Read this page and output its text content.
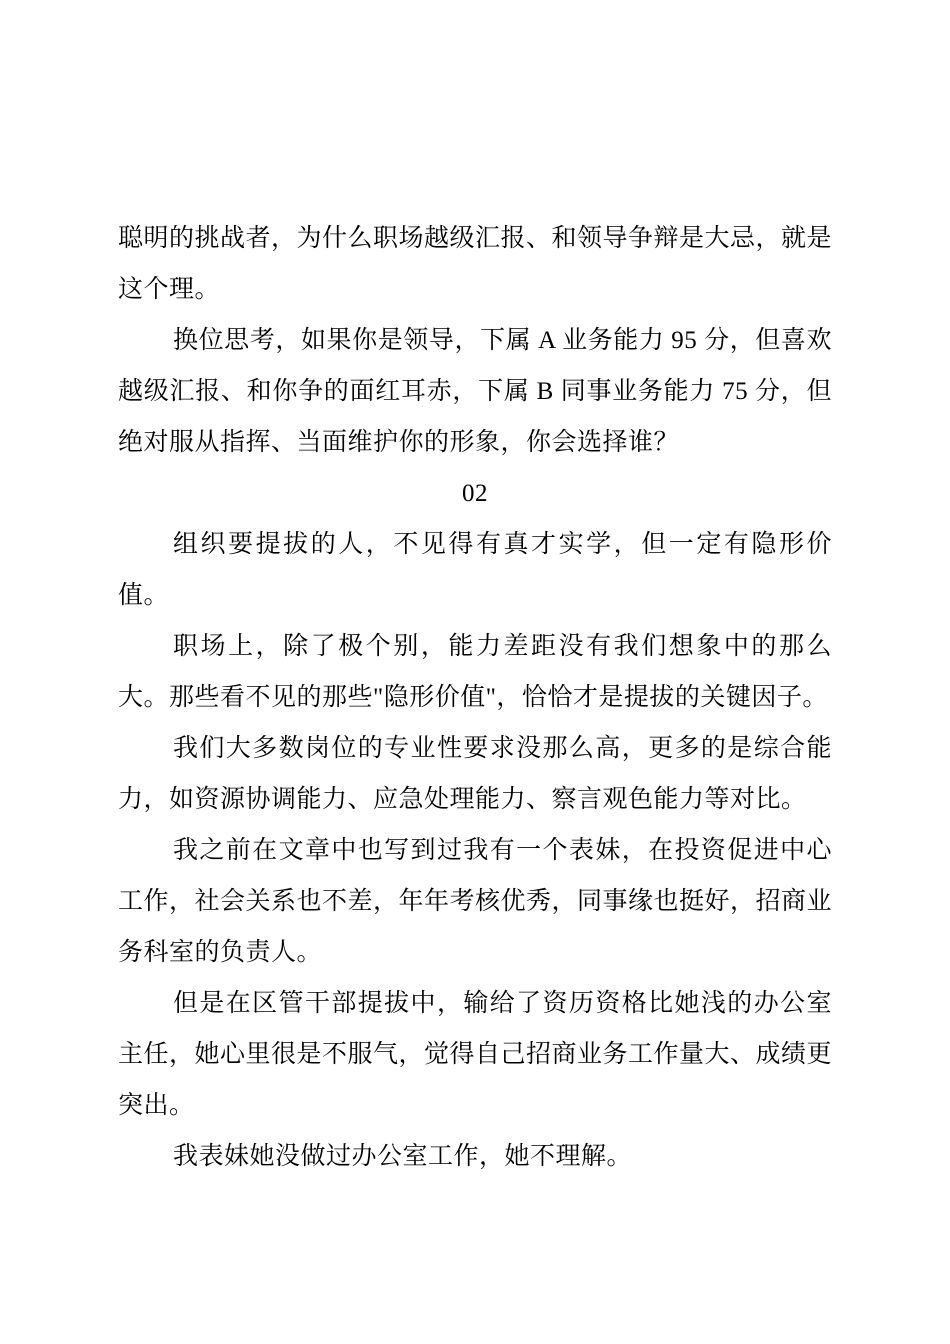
聪明的挑战者，为什么职场越级汇报、和领导争辩是大忌，就是这个理。

换位思考，如果你是领导，下属 A 业务能力 95 分，但喜欢越级汇报、和你争的面红耳赤，下属 B 同事业务能力 75 分，但绝对服从指挥、当面维护你的形象，你会选择谁？

02

组织要提拔的人，不见得有真才实学，但一定有隐形价值。

职场上，除了极个别，能力差距没有我们想象中的那么大。那些看不见的那些"隐形价值"，恰恰才是提拔的关键因子。

我们大多数岗位的专业性要求没那么高，更多的是综合能力，如资源协调能力、应急处理能力、察言观色能力等对比。

我之前在文章中也写到过我有一个表妹，在投资促进中心工作，社会关系也不差，年年考核优秀，同事缘也挺好，招商业务科室的负责人。

但是在区管干部提拔中，输给了资历资格比她浅的办公室主任，她心里很是不服气，觉得自己招商业务工作量大、成绩更突出。

我表妹她没做过办公室工作，她不理解。
